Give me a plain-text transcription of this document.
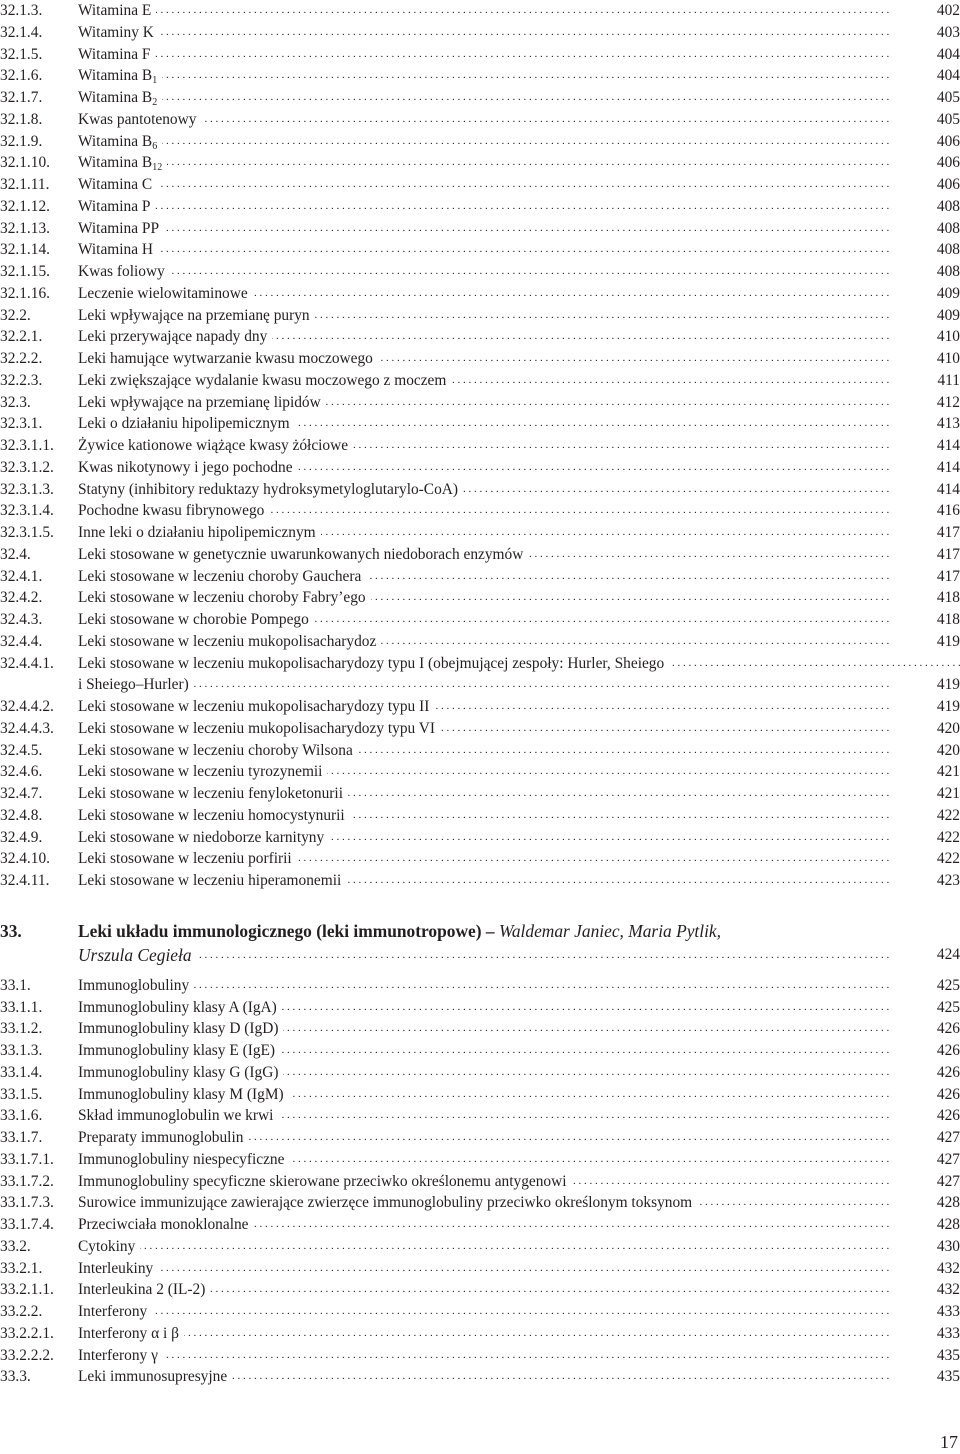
32.1.3. Witamina E . . .	402
32.1.4. Witaminy K . . .	403
32.1.5. Witamina F . . .	404
32.1.6. Witamina $B_1$ . . .	404
32.1.7. Witamina $B_2$ . . .	405
32.1.8. Kwas pantotenowy . . .	405
32.1.9. Witamina $B_6$ . . .	406
32.1.10. Witamina $B_{12}$ . . .	406
32.1.11. Witamina C . . .	406
32.1.12. Witamina P . . .	408
32.1.13. Witamina PP . . .	408
32.1.14. Witamina H . . .	408
32.1.15. Kwas foliowy . . .	408
32.1.16. Leczenie wielowitaminowe . . .	409
32.2.	Leki wpływające na przemianę puryn . . .	409
32.2.1. Leki przerywające napady dny . . .	410
32.2.2. Leki hamujące wytwarzanie kwasu moczowego . . .	410
32.2.3. Leki zwiększające wydalanie kwasu moczowego z moczem . . .	411
32.3.	Leki wpływające na przemianę lipidów . . .	412
32.3.1. Leki o działaniu hipolipemicznym . . .	413
32.3.1.1. Żywice kationowe wiążące kwasy żółciowe . . .	414
32.3.1.2. Kwas nikotynowy i jego pochodne . . .	414
32.3.1.3. Statyny (inhibitory reduktazy hydroksymetyloglutarylo-CoA) . . .	414
32.3.1.4. Pochodne kwasu fibrynowego . . .	416
32.3.1.5. Inne leki o działaniu hipolipemicznym . . .	417
32.4.	Leki stosowane w genetycznie uwarunkowanych niedoborach enzymów . . .	417
32.4.1. Leki stosowane w leczeniu choroby Gauchera . . .	417
32.4.2. Leki stosowane w leczeniu choroby Fabry’ego . . .	418
32.4.3. Leki stosowane w chorobie Pompego . . .	418
32.4.4. Leki stosowane w leczeniu mukopolisacharydoz . . .	419
32.4.4.1. Leki stosowane w leczeniu mukopolisacharydozy typu I (obejmującej zespoły: Hurler, Sheiego . . .
i Sheiego–Hurler) . . .	419
32.4.4.2. Leki stosowane w leczeniu mukopolisacharydozy typu II . . .	419
32.4.4.3. Leki stosowane w leczeniu mukopolisacharydozy typu VI . . .	420
32.4.5. Leki stosowane w leczeniu choroby Wilsona . . .	420
32.4.6. Leki stosowane w leczeniu tyrozynemii . . .	421
32.4.7. Leki stosowane w leczeniu fenyloketonurii . . .	421
32.4.8. Leki stosowane w leczeniu homocystynurii . . .	422
32.4.9. Leki stosowane w niedoborze karnityny . . .	422
32.4.10. Leki stosowane w leczeniu porfirii . . .	422
32.4.11. Leki stosowane w leczeniu hiperamonemii . . .	423
33.	Leki układu immunologicznego (leki immunotropowe) – Waldemar Janiec, Maria Pytlik,
Urszula Cegieła . . .	424
33.1.	Immunoglobuliny . . .	425
33.1.1. Immunoglobuliny klasy A (IgA) . . .	425
33.1.2. Immunoglobuliny klasy D (IgD) . . .	426
33.1.3. Immunoglobuliny klasy E (IgE) . . .	426
33.1.4. Immunoglobuliny klasy G (IgG) . . .	426
33.1.5. Immunoglobuliny klasy M (IgM) . . .	426
33.1.6. Skład immunoglobulin we krwi . . .	426
33.1.7. Preparaty immunoglobulin . . .	427
33.1.7.1. Immunoglobuliny niespecyficzne . . .	427
33.1.7.2. Immunoglobuliny specyficzne skierowane przeciwko określonemu antygenowi . . .	427
33.1.7.3. Surowice immunizujące zawierające zwierzęce immunoglobuliny przeciwko określonym toksynom . . .	428
33.1.7.4. Przeciwciała monoklonalne . . .	428
33.2.	Cytokiny . . .	430
33.2.1. Interleukiny . . .	432
33.2.1.1. Interleukina 2 (IL-2) . . .	432
33.2.2. Interferony . . .	433
33.2.2.1. Interferony α i β . . .	433
33.2.2.2. Interferony γ . . .	435
33.3.	Leki immunosupresyjne . . .	435
17
